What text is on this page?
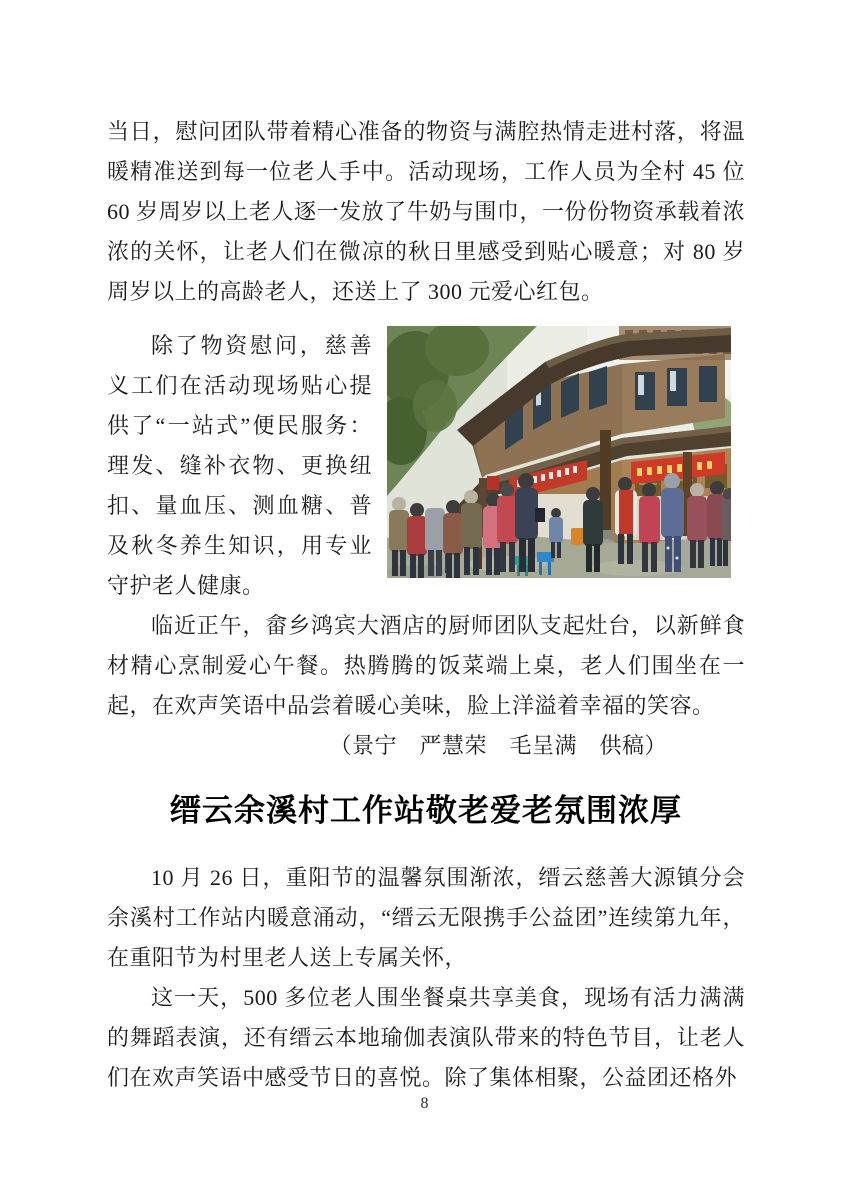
当日，慰问团队带着精心准备的物资与满腔热情走进村落，将温暖精准送到每一位老人手中。活动现场，工作人员为全村 45 位 60 岁周岁以上老人逐一发放了牛奶与围巾，一份份物资承载着浓浓的关怀，让老人们在微凉的秋日里感受到贴心暖意；对 80 岁周岁以上的高龄老人，还送上了 300 元爱心红包。

除了物资慰问，慈善义工们在活动现场贴心提供了“一站式”便民服务：理发、缝补衣物、更换纽扣、量血压、测血糖、普及秋冬养生知识，用专业守护老人健康。

临近正午，畲乡鸿宾大酒店的厨师团队支起灶台，以新鲜食材精心烹制爱心午餐。热腾腾的饭菜端上桌，老人们围坐在一起，在欢声笑语中品尝着暖心美味，脸上洋溢着幸福的笑容。

（景宁　严慧荣　毛呈满　供稿）

缙云余溪村工作站敬老爱老氛围浓厚

10 月 26 日，重阳节的温馨氛围渐浓，缙云慈善大源镇分会余溪村工作站内暖意涌动，“缙云无限携手公益团”连续第九年，在重阳节为村里老人送上专属关怀，

这一天，500 多位老人围坐餐桌共享美食，现场有活力满满的舞蹈表演，还有缙云本地瑜伽表演队带来的特色节目，让老人们在欢声笑语中感受节日的喜悦。除了集体相聚，公益团还格外

8
